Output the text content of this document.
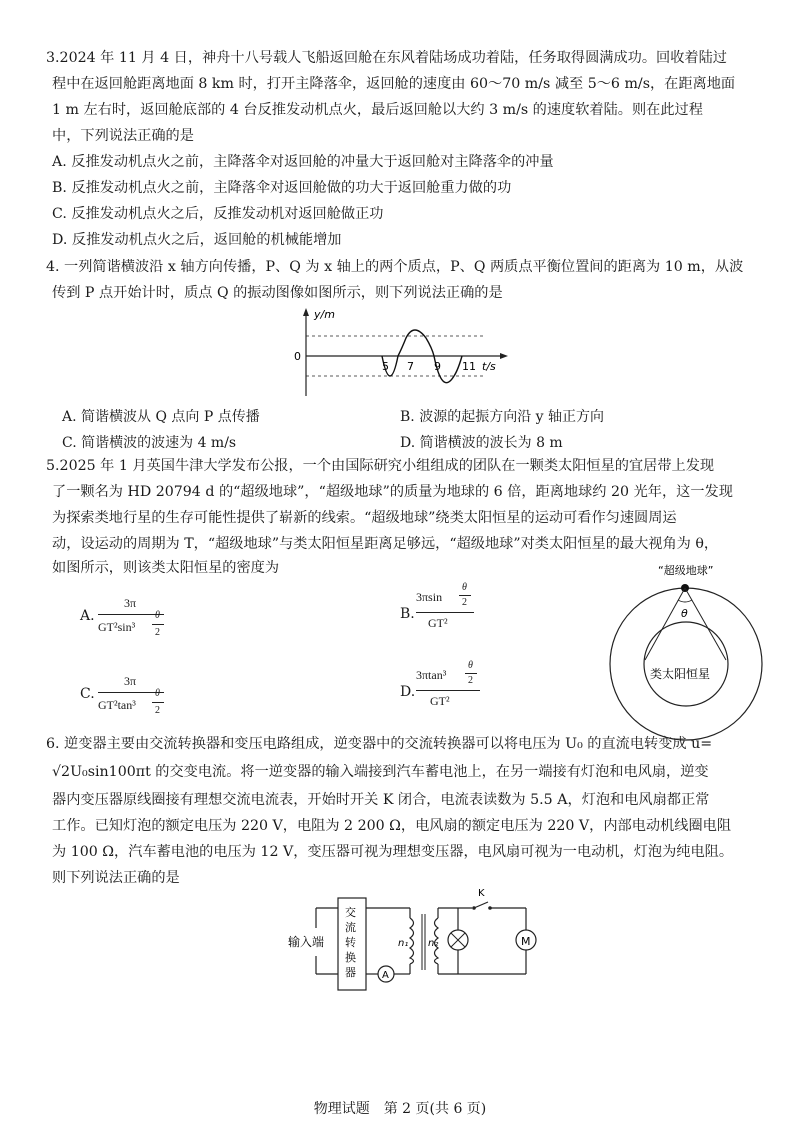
3.2024 年 11 月 4 日，神舟十八号载人飞船返回舱在东风着陆场成功着陆，任务取得圆满成功。回收着陆过
程中在返回舱距离地面 8 km 时，打开主降落伞，返回舱的速度由 60～70 m/s 减至 5～6 m/s，在距离地面
1 m 左右时，返回舱底部的 4 台反推发动机点火，最后返回舱以大约 3 m/s 的速度软着陆。则在此过程
中，下列说法正确的是
A. 反推发动机点火之前，主降落伞对返回舱的冲量大于返回舱对主降落伞的冲量
B. 反推发动机点火之前，主降落伞对返回舱做的功大于返回舱重力做的功
C. 反推发动机点火之后，反推发动机对返回舱做正功
D. 反推发动机点火之后，返回舱的机械能增加
4. 一列简谐横波沿 x 轴方向传播，P、Q 为 x 轴上的两个质点，P、Q 两质点平衡位置间的距离为 10 m，从波
传到 P 点开始计时，质点 Q 的振动图像如图所示，则下列说法正确的是
y/m
0
5 7 9 11 t/s
A. 简谐横波从 Q 点向 P 点传播	B. 波源的起振方向沿 y 轴正方向
C. 简谐横波的波速为 4 m/s	D. 简谐横波的波长为 8 m
5.2025 年 1 月英国牛津大学发布公报，一个由国际研究小组组成的团队在一颗类太阳恒星的宜居带上发现
了一颗名为 HD 20794 d 的“超级地球”，“超级地球”的质量为地球的 6 倍，距离地球约 20 光年，这一发现
为探索类地行星的生存可能性提供了崭新的线索。“超级地球”绕类太阳恒星的运动可看作匀速圆周运
动，设运动的周期为 T，“超级地球”与类太阳恒星距离足够远，“超级地球”对类太阳恒星的最大视角为 θ，
如图所示，则该类太阳恒星的密度为
A.
3π
GT²sin³
θ
2
B.
3πsin
θ
2
GT²
C.
3π
GT²tan³
θ
2
D.
3πtan³
θ
2
GT²
θ
“超级地球”
类太阳恒星
6. 逆变器主要由交流转换器和变压电路组成，逆变器中的交流转换器可以将电压为 U₀ 的直流电转变成 u=
√2U₀sin100πt 的交变电流。将一逆变器的输入端接到汽车蓄电池上，在另一端接有灯泡和电风扇，逆变
器内变压器原线圈接有理想交流电流表，开始时开关 K 闭合，电流表读数为 5.5 A，灯泡和电风扇都正常
工作。已知灯泡的额定电压为 220 V，电阻为 2 200 Ω，电风扇的额定电压为 220 V，内部电动机线圈电阻
为 100 Ω，汽车蓄电池的电压为 12 V，变压器可视为理想变压器，电风扇可视为一电动机，灯泡为纯电阻。
则下列说法正确的是
输入端
交
流
转
换
器	A
n₁ n₂
K
M
物理试题　第 2 页(共 6 页)
